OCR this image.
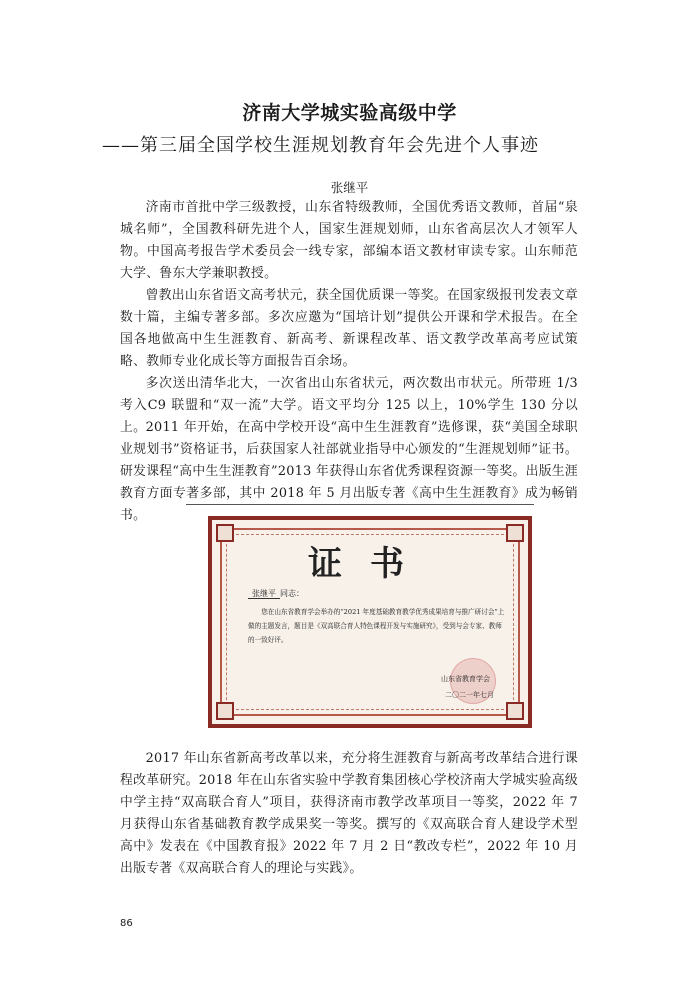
济南大学城实验高级中学
——第三届全国学校生涯规划教育年会先进个人事迹
张继平

济南市首批中学三级教授，山东省特级教师，全国优秀语文教师，首届“泉城名师”，全国教科研先进个人，国家生涯规划师，山东省高层次人才领军人物。中国高考报告学术委员会一线专家，部编本语文教材审读专家。山东师范大学、鲁东大学兼职教授。

曾教出山东省语文高考状元，获全国优质课一等奖。在国家级报刊发表文章数十篇，主编专著多部。多次应邀为“国培计划”提供公开课和学术报告。在全国各地做高中生生涯教育、新高考、新课程改革、语文教学改革高考应试策略、教师专业化成长等方面报告百余场。

多次送出清华北大，一次省出山东省状元，两次数出市状元。所带班 1/3 考入C9 联盟和“双一流”大学。语文平均分 125 以上，10%学生 130 分以上。 2011 年开始，在高中学校开设“高中生生涯教育”选修课，获“美国全球职业规划书”资格证书，后获国家人社部就业指导中心颁发的“生涯规划师”证书。研发课程“高中生生涯教育”2013 年获得山东省优秀课程资源一等奖。出版生涯教育方面专著多部，其中 2018 年 5 月出版专著《高中生生涯教育》成为畅销书。

证书
张继平 同志：

您在山东省教育学会举办的“2021 年度基础教育教学优秀成果培育与推广研讨会”上做的主题发言，题目是《双高联合育人特色课程开发与实施研究》，受到与会专家、教师的一致好评。

山东省教育学会
二〇二一年七月

2017 年山东省新高考改革以来，充分将生涯教育与新高考改革结合进行课程改革研究。2018 年在山东省实验中学教育集团核心学校济南大学城实验高级中学主持“双高联合育人”项目，获得济南市教学改革项目一等奖，2022 年 7 月获得山东省基础教育教学成果奖一等奖。撰写的《双高联合育人建设学术型高中》发表在《中国教育报》2022 年 7 月 2 日“教改专栏”，2022 年 10 月出版专著《双高联合育人的理论与实践》。

86
